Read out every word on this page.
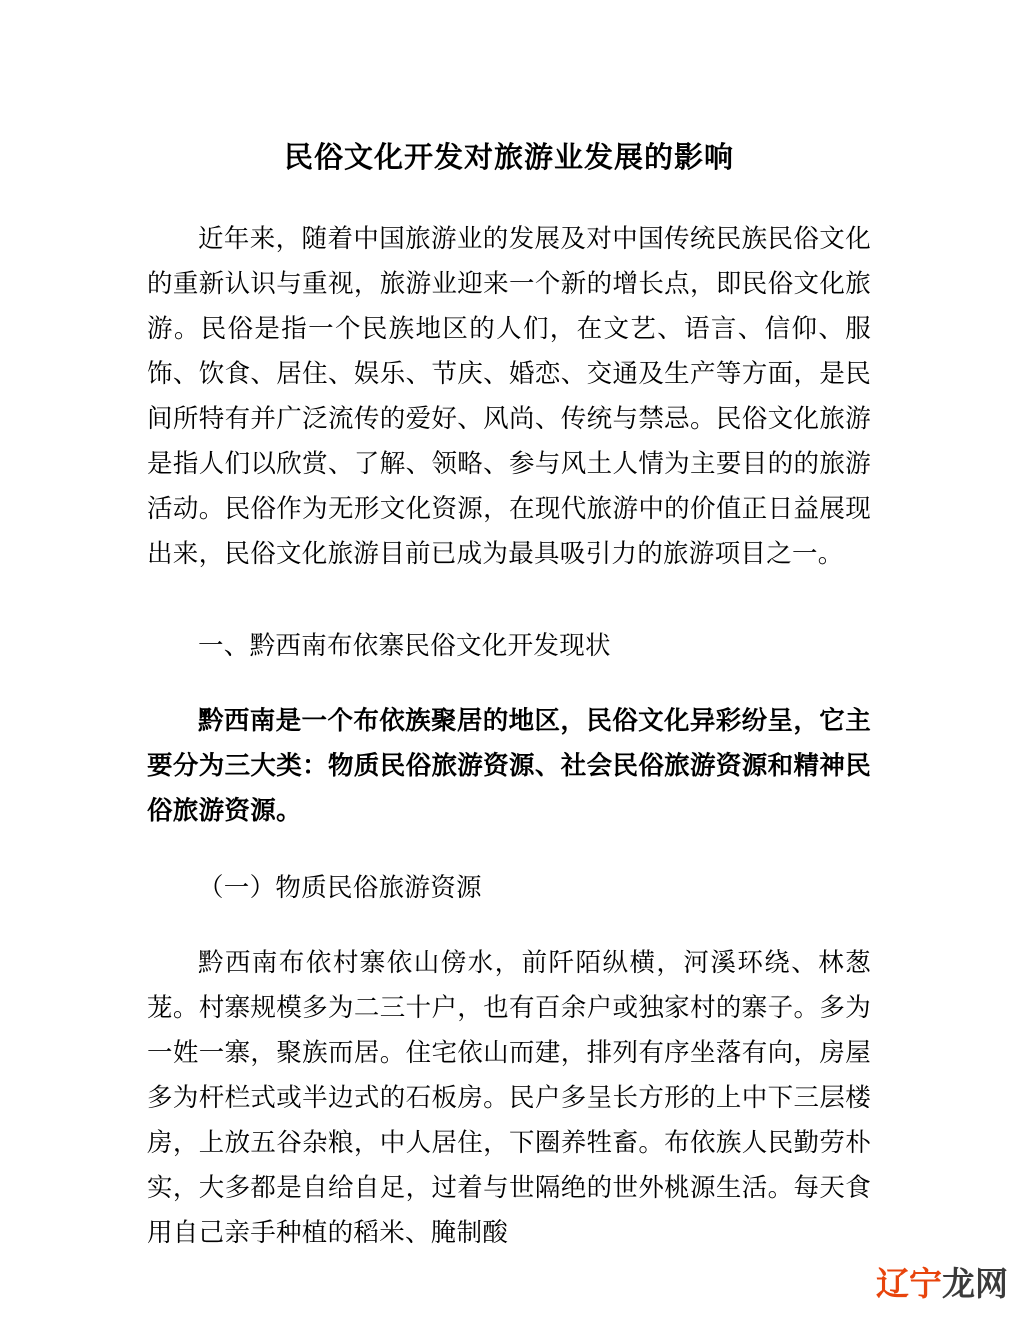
民俗文化开发对旅游业发展的影响

近年来，随着中国旅游业的发展及对中国传统民族民俗文化的重新认识与重视，旅游业迎来一个新的增长点，即民俗文化旅游。民俗是指一个民族地区的人们，在文艺、语言、信仰、服饰、饮食、居住、娱乐、节庆、婚恋、交通及生产等方面，是民间所特有并广泛流传的爱好、风尚、传统与禁忌。民俗文化旅游是指人们以欣赏、了解、领略、参与风土人情为主要目的的旅游活动。民俗作为无形文化资源，在现代旅游中的价值正日益展现出来，民俗文化旅游目前已成为最具吸引力的旅游项目之一。

一、黔西南布依寨民俗文化开发现状

黔西南是一个布依族聚居的地区，民俗文化异彩纷呈，它主要分为三大类：物质民俗旅游资源、社会民俗旅游资源和精神民俗旅游资源。

（一）物质民俗旅游资源

黔西南布依村寨依山傍水，前阡陌纵横，河溪环绕、林葱茏。村寨规模多为二三十户，也有百余户或独家村的寨子。多为一姓一寨，聚族而居。住宅依山而建，排列有序坐落有向，房屋多为杆栏式或半边式的石板房。民户多呈长方形的上中下三层楼房，上放五谷杂粮，中人居住，下圈养牲畜。布依族人民勤劳朴实，大多都是自给自足，过着与世隔绝的世外桃源生活。每天食用自己亲手种植的稻米、腌制酸

辽宁龙网
